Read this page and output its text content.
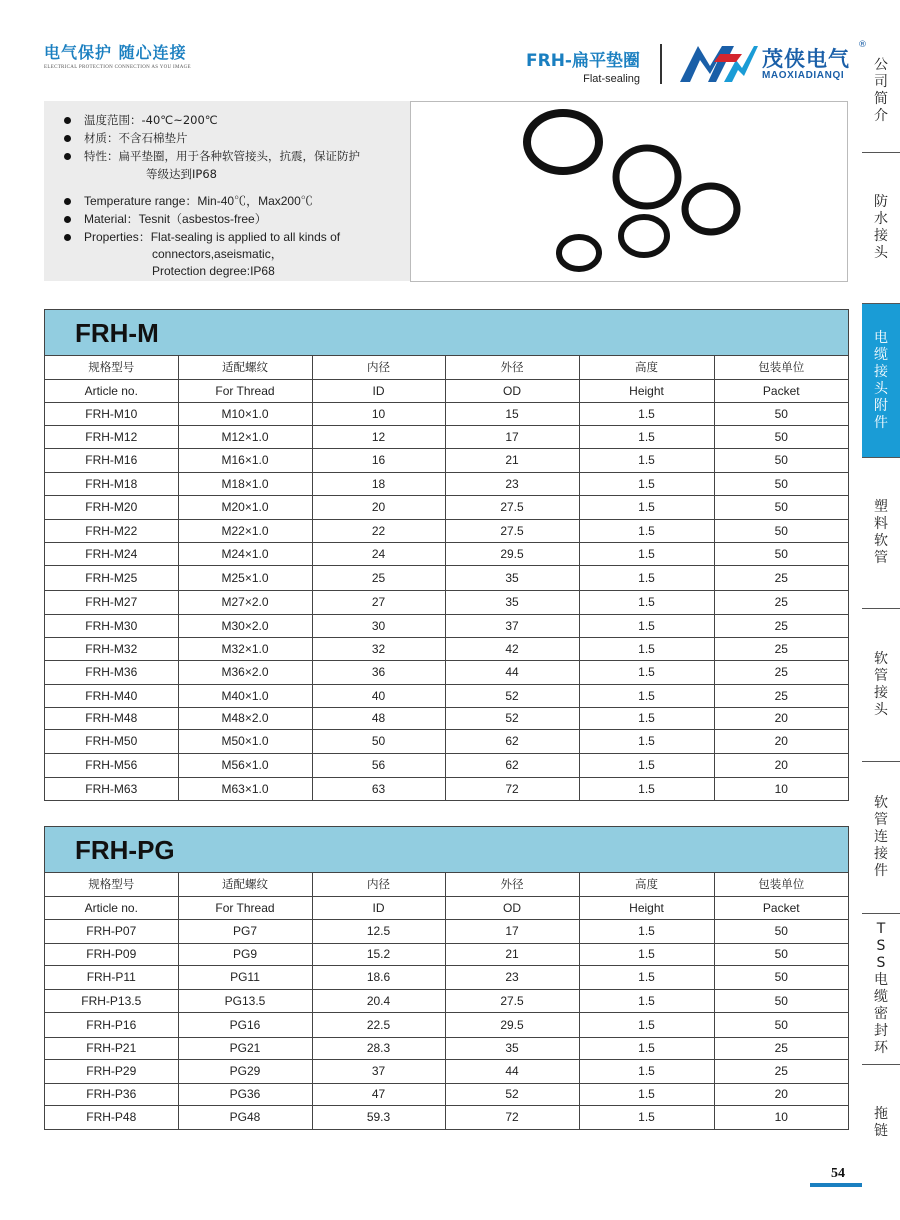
电气保护 随心连接
ELECTRICAL PROTECTION CONNECTION AS YOU IMAGE	FRH-扁平垫圈
Flat-sealing
茂侠电气
®
MAOXIADIANQI
温度范围：-40℃~200℃
材质：不含石棉垫片
特性：扁平垫圈，用于各种软管接头，抗震，保证防护
等级达到IP68
Temperature range：Min-40℃，Max200℃
Material：Tesnit（asbestos-free）
Properties：Flat-sealing is applied to all kinds of
connectors,aseismatic，
Protection degree:IP68
FRH-M
规格型号	适配螺纹	内径	外径	高度	包装单位
Article no.	For Thread	ID	OD	Height	Packet
FRH-M10	M10×1.0	10	15	1.5	50
FRH-M12	M12×1.0	12	17	1.5	50
FRH-M16	M16×1.0	16	21	1.5	50
FRH-M18	M18×1.0	18	23	1.5	50
FRH-M20	M20×1.0	20	27.5	1.5	50
FRH-M22	M22×1.0	22	27.5	1.5	50
FRH-M24	M24×1.0	24	29.5	1.5	50
FRH-M25	M25×1.0	25	35	1.5	25
FRH-M27	M27×2.0	27	35	1.5	25
FRH-M30	M30×2.0	30	37	1.5	25
FRH-M32	M32×1.0	32	42	1.5	25
FRH-M36	M36×2.0	36	44	1.5	25
FRH-M40	M40×1.0	40	52	1.5	25
FRH-M48	M48×2.0	48	52	1.5	20
FRH-M50	M50×1.0	50	62	1.5	20
FRH-M56	M56×1.0	56	62	1.5	20
FRH-M63	M63×1.0	63	72	1.5	10
FRH-PG
规格型号	适配螺纹	内径	外径	高度	包装单位
Article no.	For Thread	ID	OD	Height	Packet
FRH-P07	PG7	12.5	17	1.5	50
FRH-P09	PG9	15.2	21	1.5	50
FRH-P11	PG11	18.6	23	1.5	50
FRH-P13.5	PG13.5	20.4	27.5	1.5	50
FRH-P16	PG16	22.5	29.5	1.5	50
FRH-P21	PG21	28.3	35	1.5	25
FRH-P29	PG29	37	44	1.5	25
FRH-P36	PG36	47	52	1.5	20
FRH-P48	PG48	59.3	72	1.5	10
公
司
简
介
防
水
接
头
电
缆
接
头
附
件
塑
料
软
管
软
管
接
头
软
管
连
接
件
T
S
S
电
缆
密
封
环
拖
链
54
